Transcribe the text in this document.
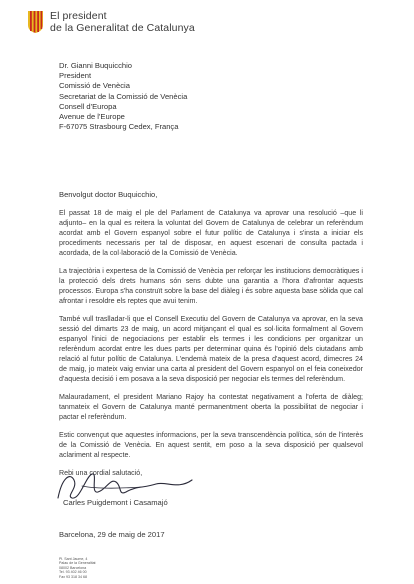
El president
de la Generalitat de Catalunya
Dr. Gianni Buquicchio
President
Comissió de Venècia
Secretariat de la Comissió de Venècia
Consell d'Europa
Avenue de l'Europe
F-67075 Strasbourg Cedex, França

Benvolgut doctor Buquicchio,

El passat 18 de maig el ple del Parlament de Catalunya va aprovar una resolució –que li adjunto– en la qual es reitera la voluntat del Govern de Catalunya de celebrar un referèndum acordat amb el Govern espanyol sobre el futur polític de Catalunya i s'insta a iniciar els procediments necessaris per tal de disposar, en aquest escenari de consulta pactada i acordada, de la col·laboració de la Comissió de Venècia.

La trajectòria i expertesa de la Comissió de Venècia per reforçar les institucions democràtiques i la protecció dels drets humans són sens dubte una garantia a l'hora d'afrontar aquests processos. Europa s'ha construït sobre la base del diàleg i és sobre aquesta base sòlida que cal afrontar i resoldre els reptes que avui tenim.

També vull traslladar-li que el Consell Executiu del Govern de Catalunya va aprovar, en la seva sessió del dimarts 23 de maig, un acord mitjançant el qual es sol·licita formalment al Govern espanyol l'inici de negociacions per establir els termes i les condicions per organitzar un referèndum acordat entre les dues parts per determinar quina és l'opinió dels ciutadans amb relació al futur polític de Catalunya. L'endemà mateix de la presa d'aquest acord, dimecres 24 de maig, jo mateix vaig enviar una carta al president del Govern espanyol on el feia coneixedor d'aquesta decisió i em posava a la seva disposició per negociar els termes del referèndum.

Malauradament, el president Mariano Rajoy ha contestat negativament a l'oferta de diàleg; tanmateix el Govern de Catalunya manté permanentment oberta la possibilitat de negociar i pactar el referèndum.

Estic convençut que aquestes informacions, per la seva transcendència política, són de l'interès de la Comissió de Venècia. En aquest sentit, em poso a la seva disposició per qualsevol aclariment al respecte.

Rebi una cordial salutació,

Carles Puigdemont i Casamajó
Barcelona, 29 de maig de 2017
Pl. Sant Jaume, 4
Palau de la Generalitat
08002 Barcelona
Tel. 93 402 46 00
Fax 93 318 34 68
